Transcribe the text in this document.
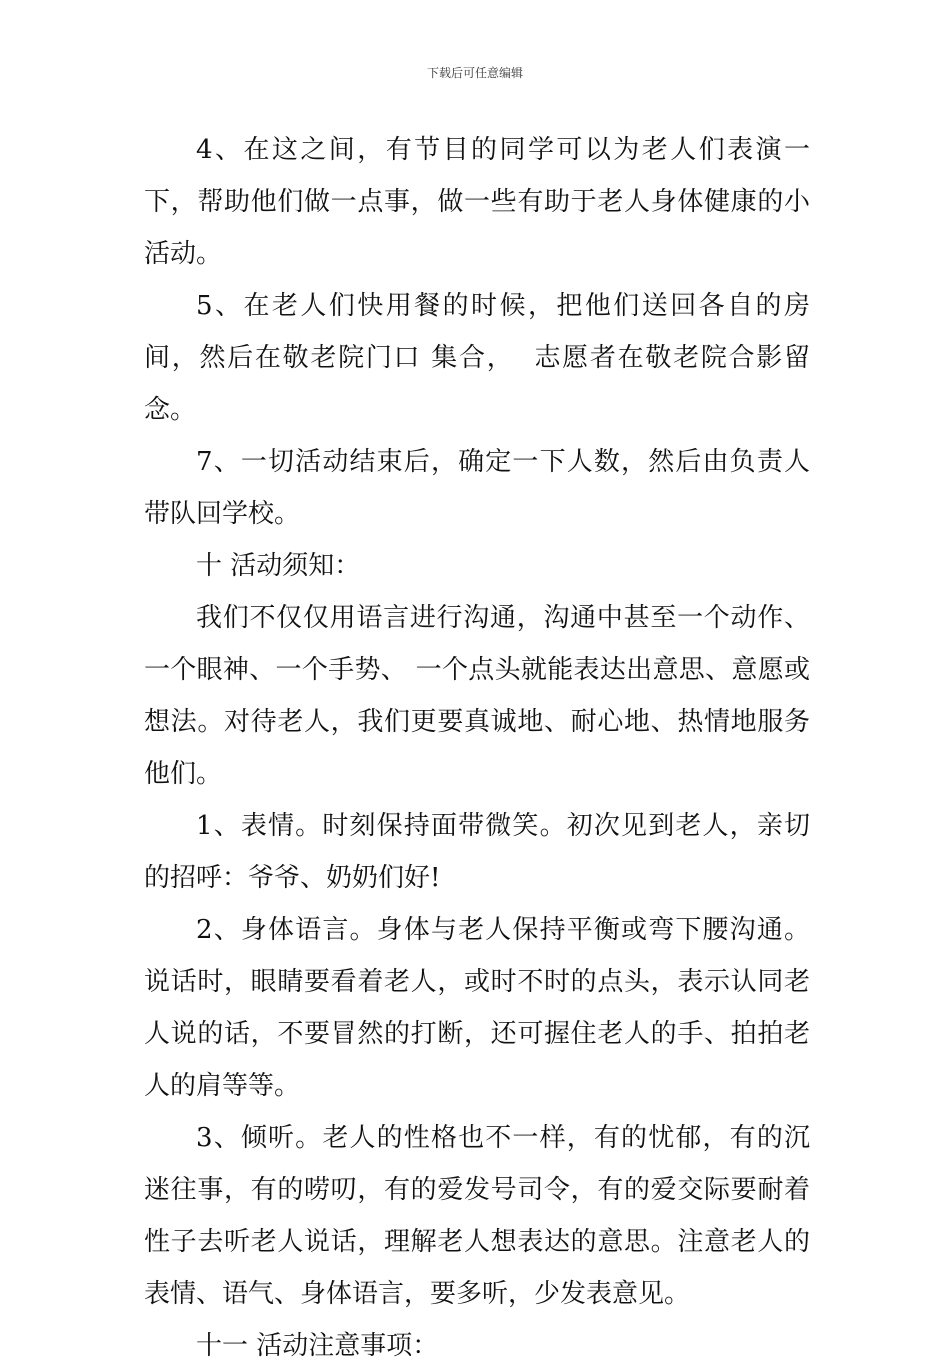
下载后可任意编辑

4、在这之间，有节目的同学可以为老人们表演一下，帮助他们做一点事，做一些有助于老人身体健康的小活动。

5、在老人们快用餐的时候，把他们送回各自的房间，然后在敬老院门口 集合，  志愿者在敬老院合影留念。

7、一切活动结束后，确定一下人数，然后由负责人带队回学校。

十 活动须知：

我们不仅仅用语言进行沟通，沟通中甚至一个动作、一个眼神、一个手势、 一个点头就能表达出意思、意愿或想法。对待老人，我们更要真诚地、耐心地、热情地服务他们。

1、表情。时刻保持面带微笑。初次见到老人，亲切的招呼：爷爷、奶奶们好!

2、身体语言。身体与老人保持平衡或弯下腰沟通。说话时，眼睛要看着老人，或时不时的点头，表示认同老人说的话，不要冒然的打断，还可握住老人的手、拍拍老人的肩等等。

3、倾听。老人的性格也不一样，有的忧郁，有的沉迷往事，有的唠叨，有的爱发号司令，有的爱交际要耐着性子去听老人说话，理解老人想表达的意思。注意老人的表情、语气、身体语言，要多听，少发表意见。

十一 活动注意事项：
